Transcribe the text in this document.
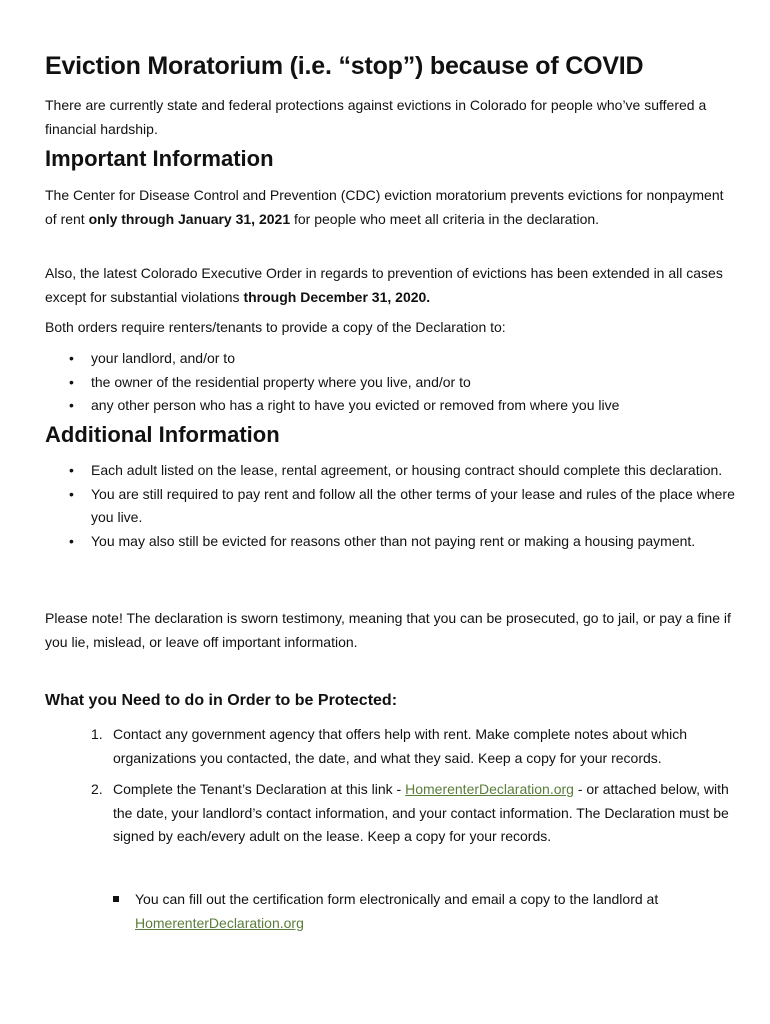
Eviction Moratorium (i.e. “stop”) because of COVID

There are currently state and federal protections against evictions in Colorado for people who’ve suffered a financial hardship.

Important Information

The Center for Disease Control and Prevention (CDC) eviction moratorium prevents evictions for nonpayment of rent only through January 31, 2021 for people who meet all criteria in the declaration.

Also, the latest Colorado Executive Order in regards to prevention of evictions has been extended in all cases except for substantial violations through December 31, 2020.

Both orders require renters/tenants to provide a copy of the Declaration to:

• your landlord, and/or to
• the owner of the residential property where you live, and/or to
• any other person who has a right to have you evicted or removed from where you live
Additional Information
• Each adult listed on the lease, rental agreement, or housing contract should complete this declaration.
• You are still required to pay rent and follow all the other terms of your lease and rules of the place where you live.
• You may also still be evicted for reasons other than not paying rent or making a housing payment.

Please note! The declaration is sworn testimony, meaning that you can be prosecuted, go to jail, or pay a fine if you lie, mislead, or leave off important information.

What you Need to do in Order to be Protected:
1. Contact any government agency that offers help with rent. Make complete notes about which organizations you contacted, the date, and what they said. Keep a copy for your records.
2. Complete the Tenant’s Declaration at this link - HomerenterDeclaration.org - or attached below, with the date, your landlord’s contact information, and your contact information. The Declaration must be signed by each/every adult on the lease. Keep a copy for your records.

You can fill out the certification form electronically and email a copy to the landlord at HomerenterDeclaration.org
